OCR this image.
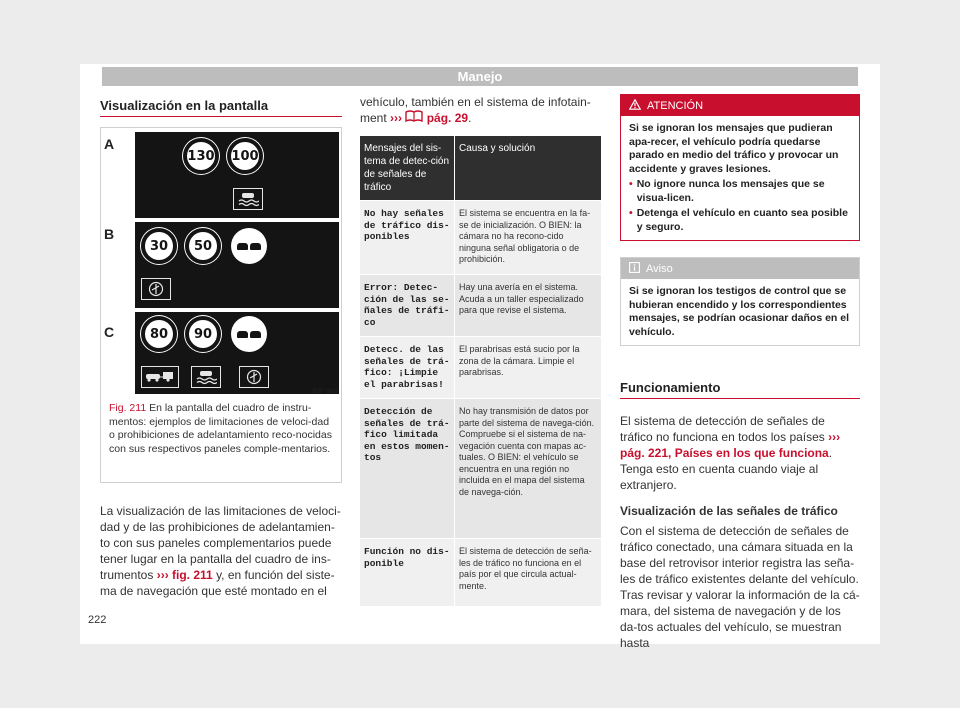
Manejo
Visualización en la pantalla
A
130 100
B
30 50
C	80 90
B5F-0668
Fig. 211 En la pantalla del cuadro de instru-mentos: ejemplos de limitaciones de veloci-dad o prohibiciones de adelantamiento reco-nocidas con sus respectivos paneles comple-mentarios.

La visualización de las limitaciones de veloci-dad y de las prohibiciones de adelantamien-to con sus paneles complementarios puede tener lugar en la pantalla del cuadro de ins-trumentos ››› fig. 211 y, en función del siste-ma de navegación que esté montado en el

vehículo, también en el sistema de infotain-ment ››› pág. 29.

Mensajes del sis-tema de detec-ción de señales de tráfico
Causa y solución
No hay señales de tráfico dis-ponibles
El sistema se encuentra en la fa-se de inicialización. O BIEN: la cámara no ha recono-cido ninguna señal obligatoria o de prohibición.
Error: Detec-ción de las se-ñales de tráfi-co
Hay una avería en el sistema. Acuda a un taller especializado para que revise el sistema.
Detecc. de las señales de trá-fico: ¡Limpie el parabrisas!
El parabrisas está sucio por la zona de la cámara. Limpie el parabrisas.
Detección de señales de trá-fico limitada en estos momen-tos
No hay transmisión de datos por parte del sistema de navega-ción. Compruebe si el sistema de na-vegación cuenta con mapas ac-tuales. O BIEN: el vehículo se encuentra en una región no incluida en el mapa del sistema de navega-ción.
Función no dis-ponible
El sistema de detección de seña-les de tráfico no funciona en el país por el que circula actual-mente.
ATENCIÓN
Si se ignoran los mensajes que pudieran apa-recer, el vehículo podría quedarse parado en medio del tráfico y provocar un accidente y graves lesiones.
• No ignore nunca los mensajes que se visua-licen.
• Detenga el vehículo en cuanto sea posible y seguro.
Aviso
Si se ignoran los testigos de control que se hubieran encendido y los correspondientes mensajes, se podrían ocasionar daños en el vehículo.
Funcionamiento

El sistema de detección de señales de tráfico no funciona en todos los países ››› pág. 221, Países en los que funciona. Tenga esto en cuenta cuando viaje al extranjero.

Visualización de las señales de tráfico

Con el sistema de detección de señales de tráfico conectado, una cámara situada en la base del retrovisor interior registra las seña-les de tráfico existentes delante del vehículo. Tras revisar y valorar la información de la cá-mara, del sistema de navegación y de los da-tos actuales del vehículo, se muestran hasta

222
